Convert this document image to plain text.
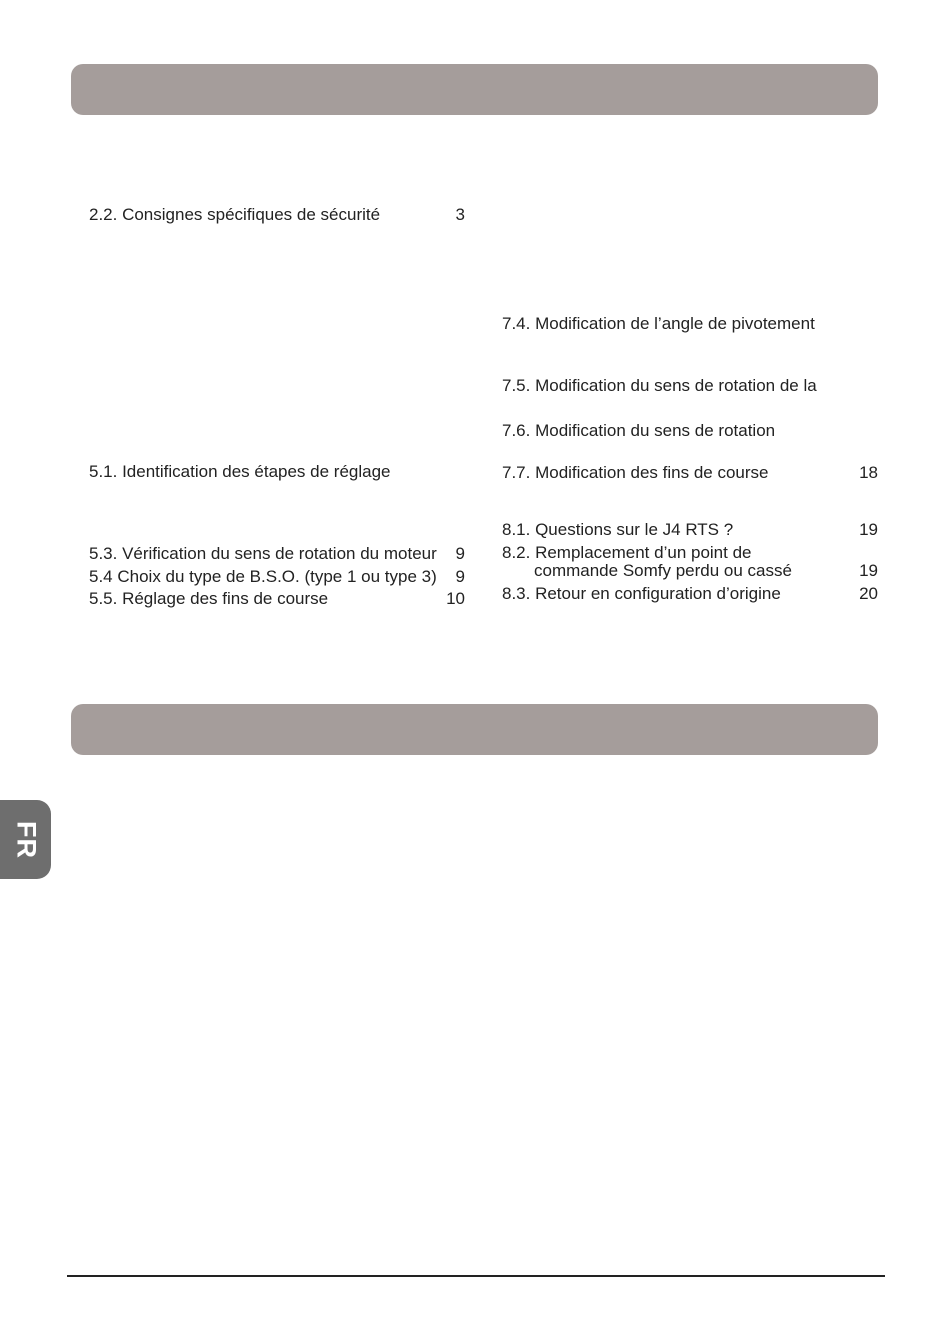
2.2. Consignes spécifiques de sécurité	3
5.1. Identification des étapes de réglage
5.3. Vérification du sens de rotation du moteur 9
5.4 Choix du type de B.S.O. (type 1 ou type 3) 9
5.5. Réglage des fins de course	10
7.4. Modification de l’angle de pivotement
7.5. Modification du sens de rotation de la
7.6. Modification du sens de rotation
7.7. Modification des fins de course	18
8.1. Questions sur le J4 RTS ?	19
8.2. Remplacement d’un point de
commande Somfy perdu ou cassé	19
8.3. Retour en configuration d’origine	20
FR
